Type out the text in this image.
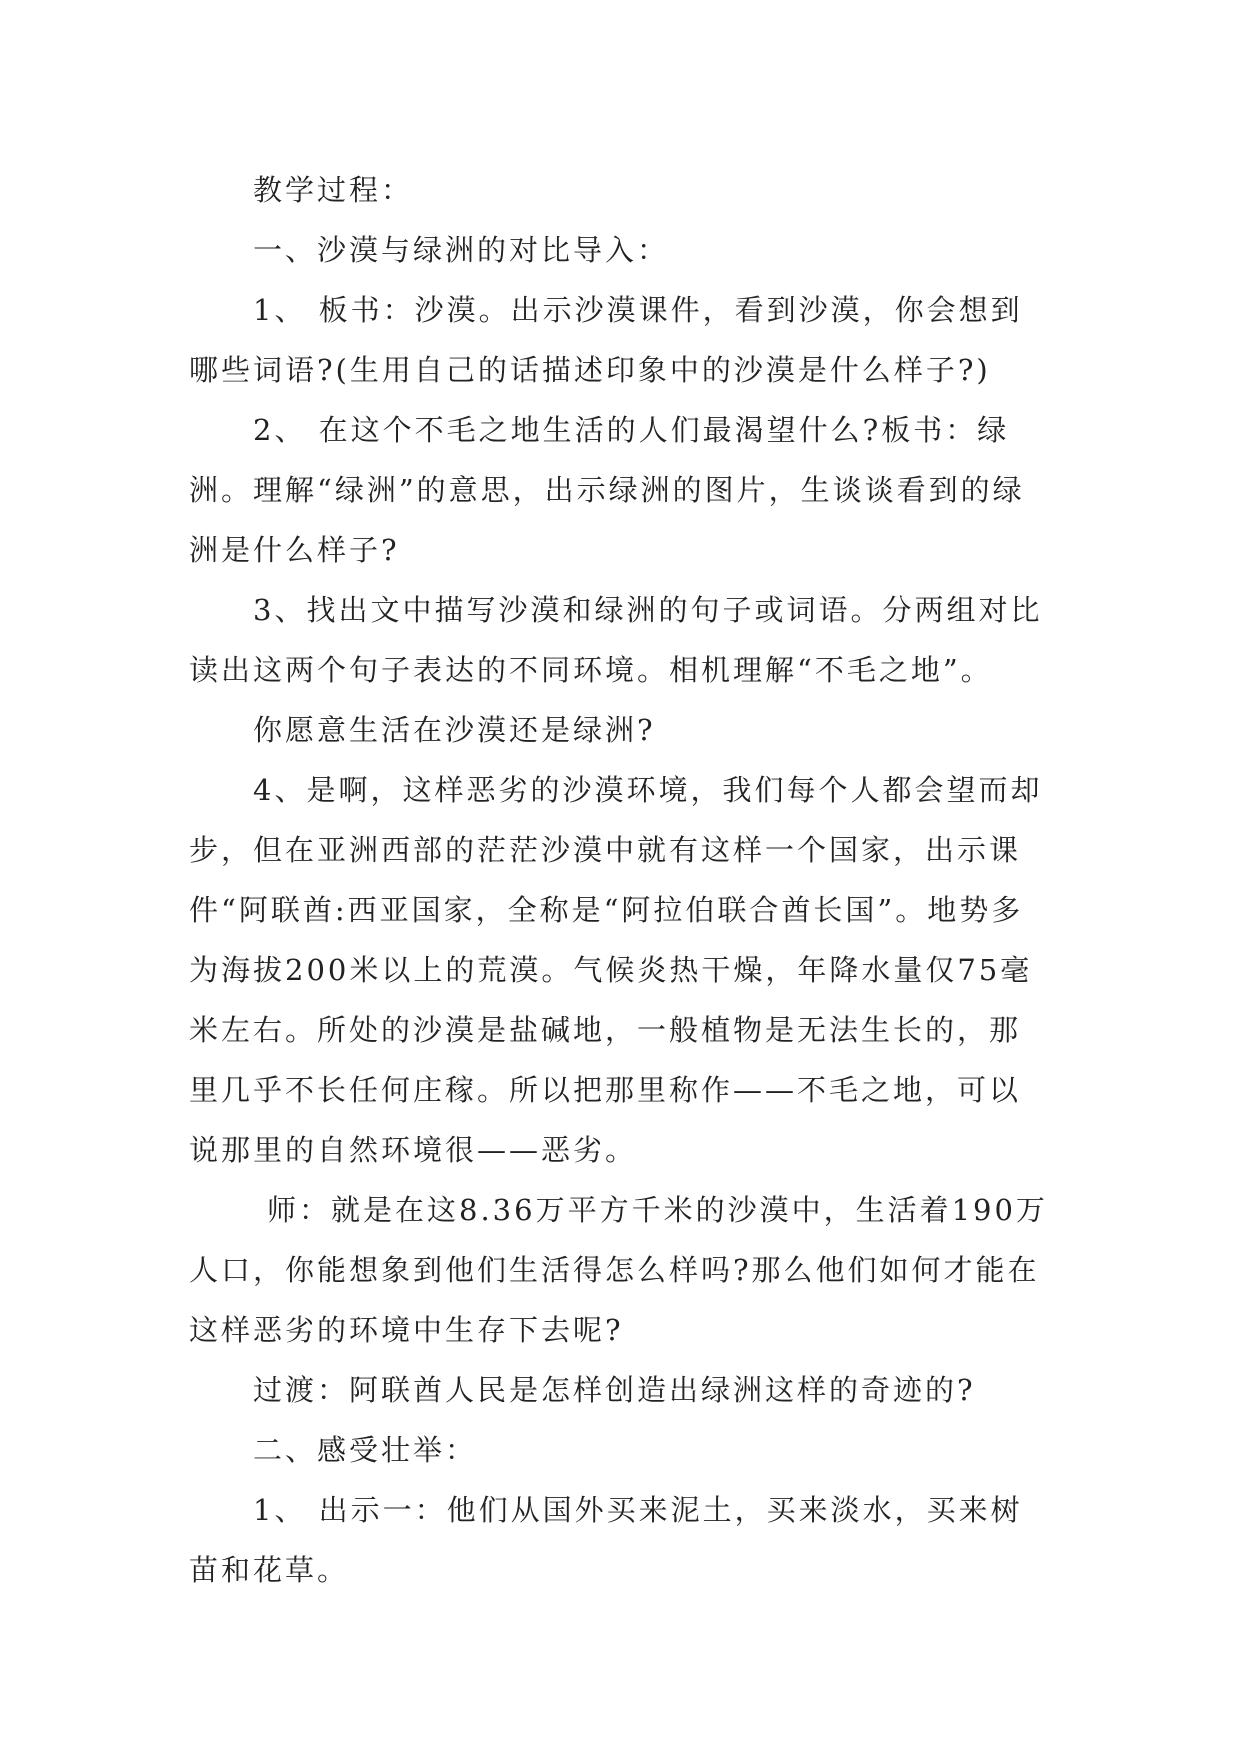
教学过程：

一、沙漠与绿洲的对比导入：

1、 板书：沙漠。出示沙漠课件，看到沙漠，你会想到哪些词语?(生用自己的话描述印象中的沙漠是什么样子?)

2、 在这个不毛之地生活的人们最渴望什么?板书：绿洲。理解“绿洲”的意思，出示绿洲的图片，生谈谈看到的绿洲是什么样子?

3、找出文中描写沙漠和绿洲的句子或词语。分两组对比读出这两个句子表达的不同环境。相机理解“不毛之地”。

你愿意生活在沙漠还是绿洲?

4、是啊，这样恶劣的沙漠环境，我们每个人都会望而却步，但在亚洲西部的茫茫沙漠中就有这样一个国家，出示课件“阿联酋:西亚国家，全称是“阿拉伯联合酋长国”。地势多为海拔200米以上的荒漠。气候炎热干燥，年降水量仅75毫米左右。所处的沙漠是盐碱地，一般植物是无法生长的，那里几乎不长任何庄稼。所以把那里称作——不毛之地，可以说那里的自然环境很——恶劣。

师：就是在这8.36万平方千米的沙漠中，生活着190万人口，你能想象到他们生活得怎么样吗?那么他们如何才能在这样恶劣的环境中生存下去呢?

过渡：阿联酋人民是怎样创造出绿洲这样的奇迹的?

二、感受壮举：

1、 出示一：他们从国外买来泥土，买来淡水，买来树苗和花草。
